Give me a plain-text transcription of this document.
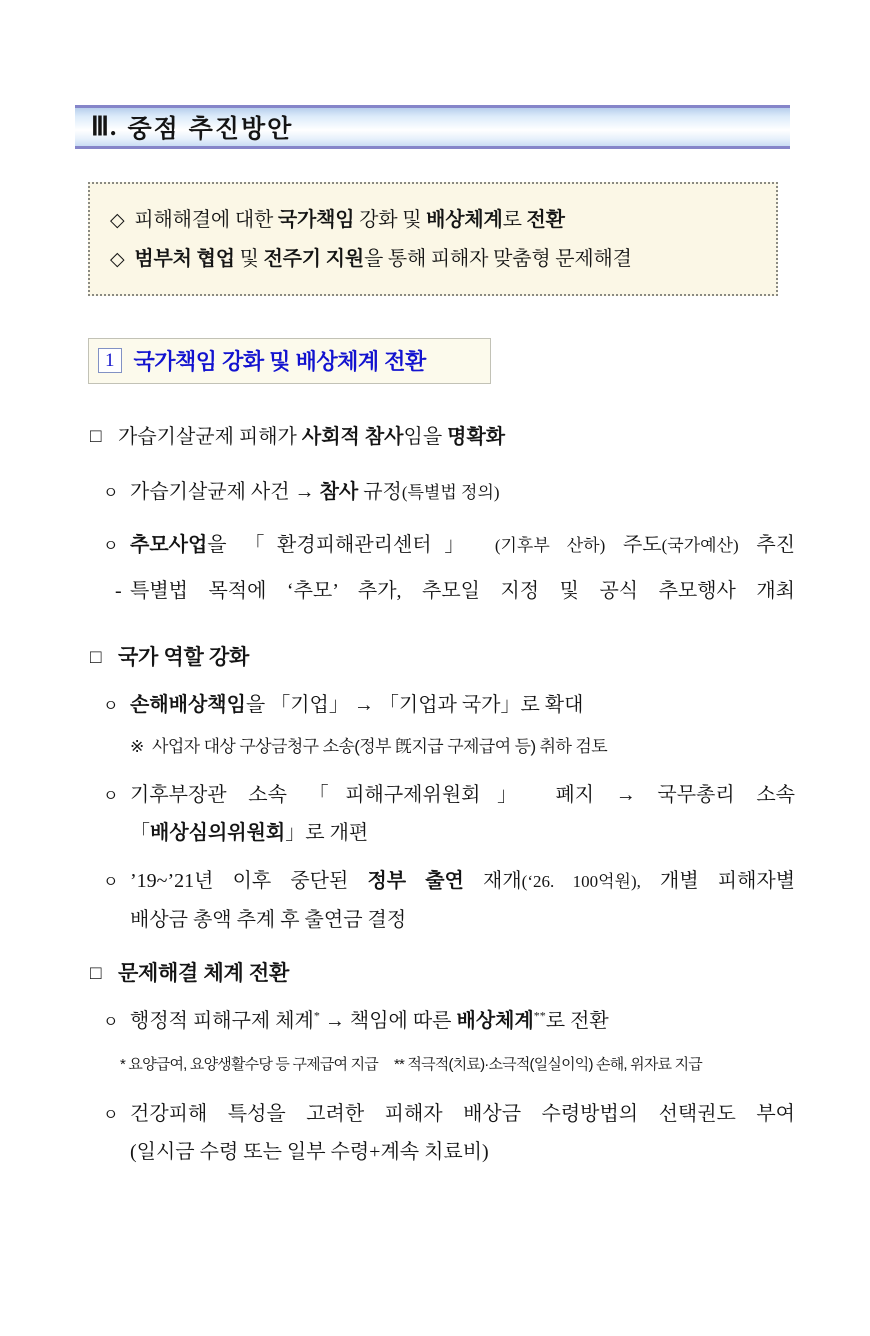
Ⅲ. 중점 추진방안
◇ 피해해결에 대한 국가책임 강화 및 배상체계로 전환
◇ 범부처 협업 및 전주기 지원을 통해 피해자 맞춤형 문제해결
1 국가책임 강화 및 배상체계 전환
□ 가습기살균제 피해가 사회적 참사임을 명확화
ㅇ 가습기살균제 사건 → 참사 규정(특별법 정의)
ㅇ 추모사업을 「환경피해관리센터」 (기후부 산하) 주도(국가예산) 추진
- 특별법 목적에 ‘추모’ 추가, 추모일 지정 및 공식 추모행사 개최
□ 국가 역할 강화
ㅇ 손해배상책임을 「기업」 → 「기업과 국가」로 확대
※ 사업자 대상 구상금청구 소송(정부 旣지급 구제급여 등) 취하 검토
ㅇ 기후부장관 소속 「피해구제위원회」 폐지 → 국무총리 소속
「배상심의위원회」로 개편
ㅇ ’19~’21년 이후 중단된 정부 출연 재개(‘26. 100억원), 개별 피해자별
배상금 총액 추계 후 출연금 결정
□ 문제해결 체계 전환
ㅇ 행정적 피해구제 체계* → 책임에 따른 배상체계**로 전환
* 요양급여, 요양생활수당 등 구제급여 지급 ** 적극적(치료)·소극적(일실이익) 손해, 위자료 지급
ㅇ 건강피해 특성을 고려한 피해자 배상금 수령방법의 선택권도 부여
(일시금 수령 또는 일부 수령+계속 치료비)
